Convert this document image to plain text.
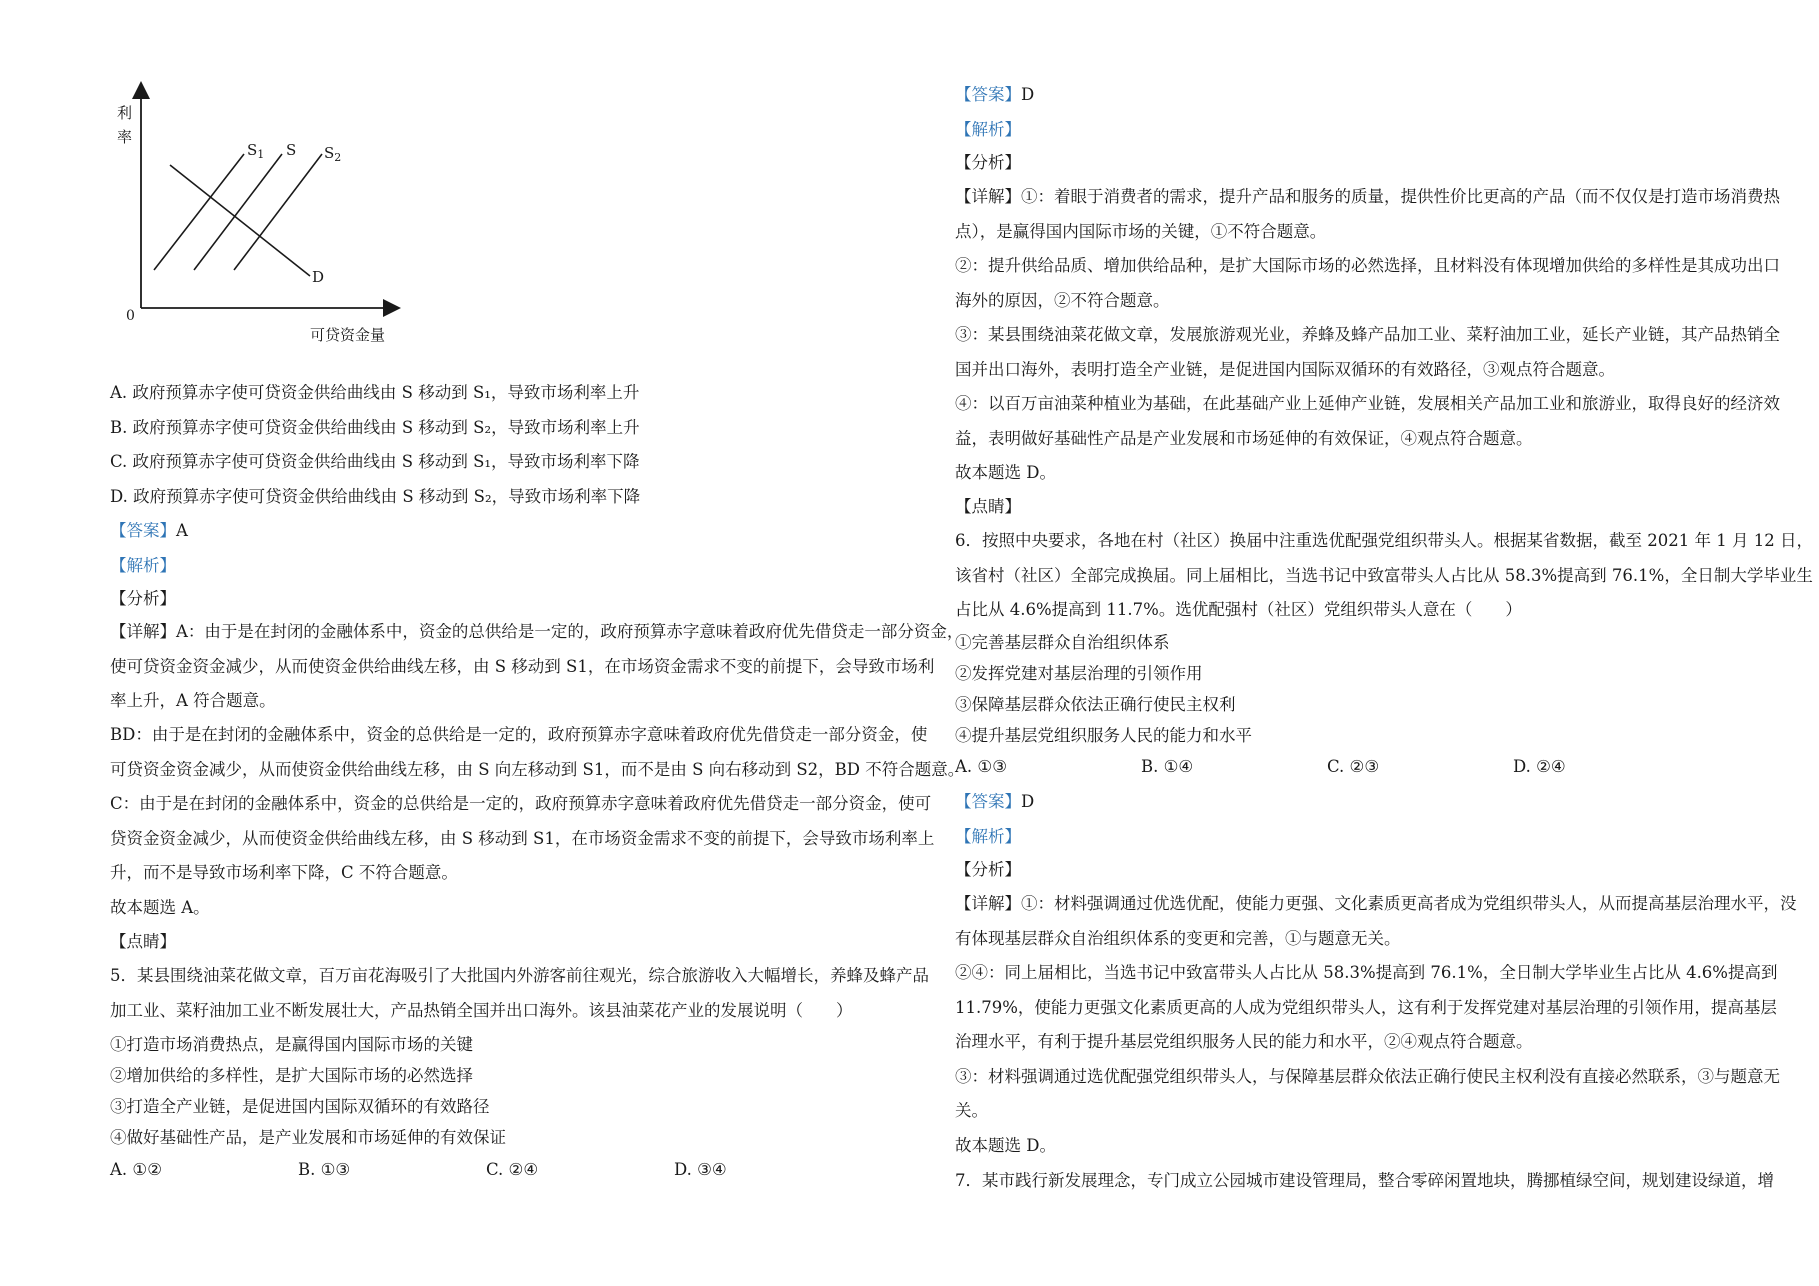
利
率
0
可贷资金量
$S_1$ S $S_2$
D
A. 政府预算赤字使可贷资金供给曲线由 S 移动到 S₁，导致市场利率上升
B. 政府预算赤字使可贷资金供给曲线由 S 移动到 S₂，导致市场利率上升
C. 政府预算赤字使可贷资金供给曲线由 S 移动到 S₁，导致市场利率下降
D. 政府预算赤字使可贷资金供给曲线由 S 移动到 S₂，导致市场利率下降
【答案】A
【解析】
【分析】
【详解】A：由于是在封闭的金融体系中，资金的总供给是一定的，政府预算赤字意味着政府优先借贷走一部分资金，
使可贷资金资金减少，从而使资金供给曲线左移，由 S 移动到 S1，在市场资金需求不变的前提下，会导致市场利
率上升，A 符合题意。
BD：由于是在封闭的金融体系中，资金的总供给是一定的，政府预算赤字意味着政府优先借贷走一部分资金，使
可贷资金资金减少，从而使资金供给曲线左移，由 S 向左移动到 S1，而不是由 S 向右移动到 S2，BD 不符合题意。
C：由于是在封闭的金融体系中，资金的总供给是一定的，政府预算赤字意味着政府优先借贷走一部分资金，使可
贷资金资金减少，从而使资金供给曲线左移，由 S 移动到 S1，在市场资金需求不变的前提下，会导致市场利率上
升，而不是导致市场利率下降，C 不符合题意。
故本题选 A。
【点睛】
5．某县围绕油菜花做文章，百万亩花海吸引了大批国内外游客前往观光，综合旅游收入大幅增长，养蜂及蜂产品
加工业、菜籽油加工业不断发展壮大，产品热销全国并出口海外。该县油菜花产业的发展说明（　　）
①打造市场消费热点，是赢得国内国际市场的关键
②增加供给的多样性，是扩大国际市场的必然选择
③打造全产业链，是促进国内国际双循环的有效路径
④做好基础性产品，是产业发展和市场延伸的有效保证
A. ①②	B. ①③	C. ②④	D. ③④
【答案】D
【解析】
【分析】
【详解】①：着眼于消费者的需求，提升产品和服务的质量，提供性价比更高的产品（而不仅仅是打造市场消费热
点），是赢得国内国际市场的关键，①不符合题意。
②：提升供给品质、增加供给品种，是扩大国际市场的必然选择，且材料没有体现增加供给的多样性是其成功出口
海外的原因，②不符合题意。
③：某县围绕油菜花做文章，发展旅游观光业，养蜂及蜂产品加工业、菜籽油加工业，延长产业链，其产品热销全
国并出口海外，表明打造全产业链，是促进国内国际双循环的有效路径，③观点符合题意。
④：以百万亩油菜种植业为基础，在此基础产业上延伸产业链，发展相关产品加工业和旅游业，取得良好的经济效
益，表明做好基础性产品是产业发展和市场延伸的有效保证，④观点符合题意。
故本题选 D。
【点睛】
6．按照中央要求，各地在村（社区）换届中注重选优配强党组织带头人。根据某省数据，截至 2021 年 1 月 12 日，
该省村（社区）全部完成换届。同上届相比，当选书记中致富带头人占比从 58.3%提高到 76.1%，全日制大学毕业生
占比从 4.6%提高到 11.7%。选优配强村（社区）党组织带头人意在（　　）
①完善基层群众自治组织体系
②发挥党建对基层治理的引领作用
③保障基层群众依法正确行使民主权利
④提升基层党组织服务人民的能力和水平
A. ①③	B. ①④	C. ②③	D. ②④
【答案】D
【解析】
【分析】
【详解】①：材料强调通过优选优配，使能力更强、文化素质更高者成为党组织带头人，从而提高基层治理水平，没
有体现基层群众自治组织体系的变更和完善，①与题意无关。
②④：同上届相比，当选书记中致富带头人占比从 58.3%提高到 76.1%，全日制大学毕业生占比从 4.6%提高到
11.79%，使能力更强文化素质更高的人成为党组织带头人，这有利于发挥党建对基层治理的引领作用，提高基层
治理水平，有利于提升基层党组织服务人民的能力和水平，②④观点符合题意。
③：材料强调通过选优配强党组织带头人，与保障基层群众依法正确行使民主权利没有直接必然联系，③与题意无
关。
故本题选 D。
7．某市践行新发展理念，专门成立公园城市建设管理局，整合零碎闲置地块，腾挪植绿空间，规划建设绿道，增
